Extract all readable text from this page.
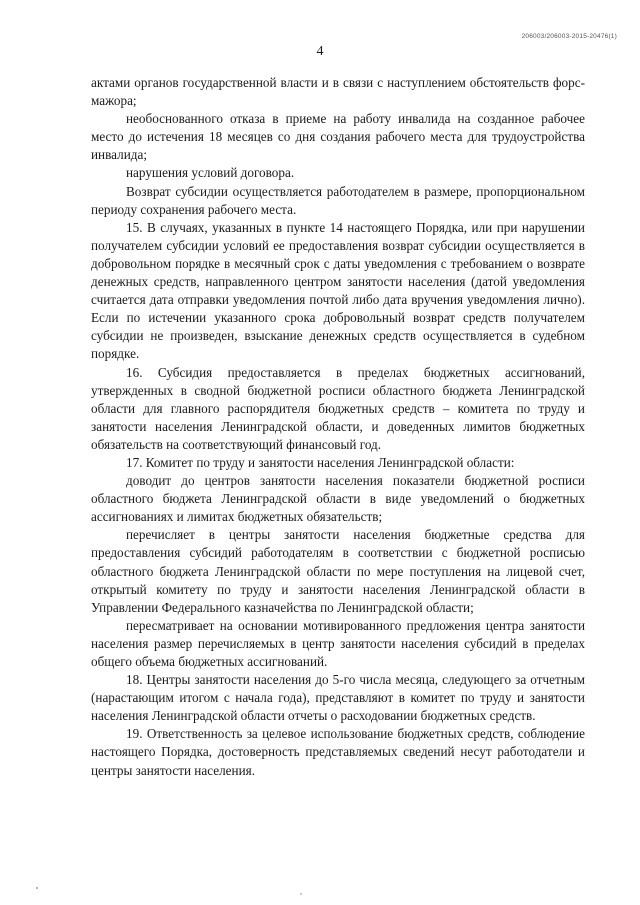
206003/206003-2015-20476(1)
4

актами органов государственной власти и в связи с наступлением обстоятельств форс-мажора;

необоснованного отказа в приеме на работу инвалида на созданное рабочее место до истечения 18 месяцев со дня создания рабочего места для трудоустройства инвалида;

нарушения условий договора.

Возврат субсидии осуществляется работодателем в размере, пропорциональном периоду сохранения рабочего места.

15. В случаях, указанных в пункте 14 настоящего Порядка, или при нарушении получателем субсидии условий ее предоставления возврат субсидии осуществляется в добровольном порядке в месячный срок с даты уведомления с требованием о возврате денежных средств, направленного центром занятости населения (датой уведомления считается дата отправки уведомления почтой либо дата вручения уведомления лично). Если по истечении указанного срока добровольный возврат средств получателем субсидии не произведен, взыскание денежных средств осуществляется в судебном порядке.

16. Субсидия предоставляется в пределах бюджетных ассигнований, утвержденных в сводной бюджетной росписи областного бюджета Ленинградской области для главного распорядителя бюджетных средств – комитета по труду и занятости населения Ленинградской области, и доведенных лимитов бюджетных обязательств на соответствующий финансовый год.

17. Комитет по труду и занятости населения Ленинградской области:

доводит до центров занятости населения показатели бюджетной росписи областного бюджета Ленинградской области в виде уведомлений о бюджетных ассигнованиях и лимитах бюджетных обязательств;

перечисляет в центры занятости населения бюджетные средства для предоставления субсидий работодателям в соответствии с бюджетной росписью областного бюджета Ленинградской области по мере поступления на лицевой счет, открытый комитету по труду и занятости населения Ленинградской области в Управлении Федерального казначейства по Ленинградской области;

пересматривает на основании мотивированного предложения центра занятости населения размер перечисляемых в центр занятости населения субсидий в пределах общего объема бюджетных ассигнований.

18. Центры занятости населения до 5-го числа месяца, следующего за отчетным (нарастающим итогом с начала года), представляют в комитет по труду и занятости населения Ленинградской области отчеты о расходовании бюджетных средств.

19. Ответственность за целевое использование бюджетных средств, соблюдение настоящего Порядка, достоверность представляемых сведений несут работодатели и центры занятости населения.
